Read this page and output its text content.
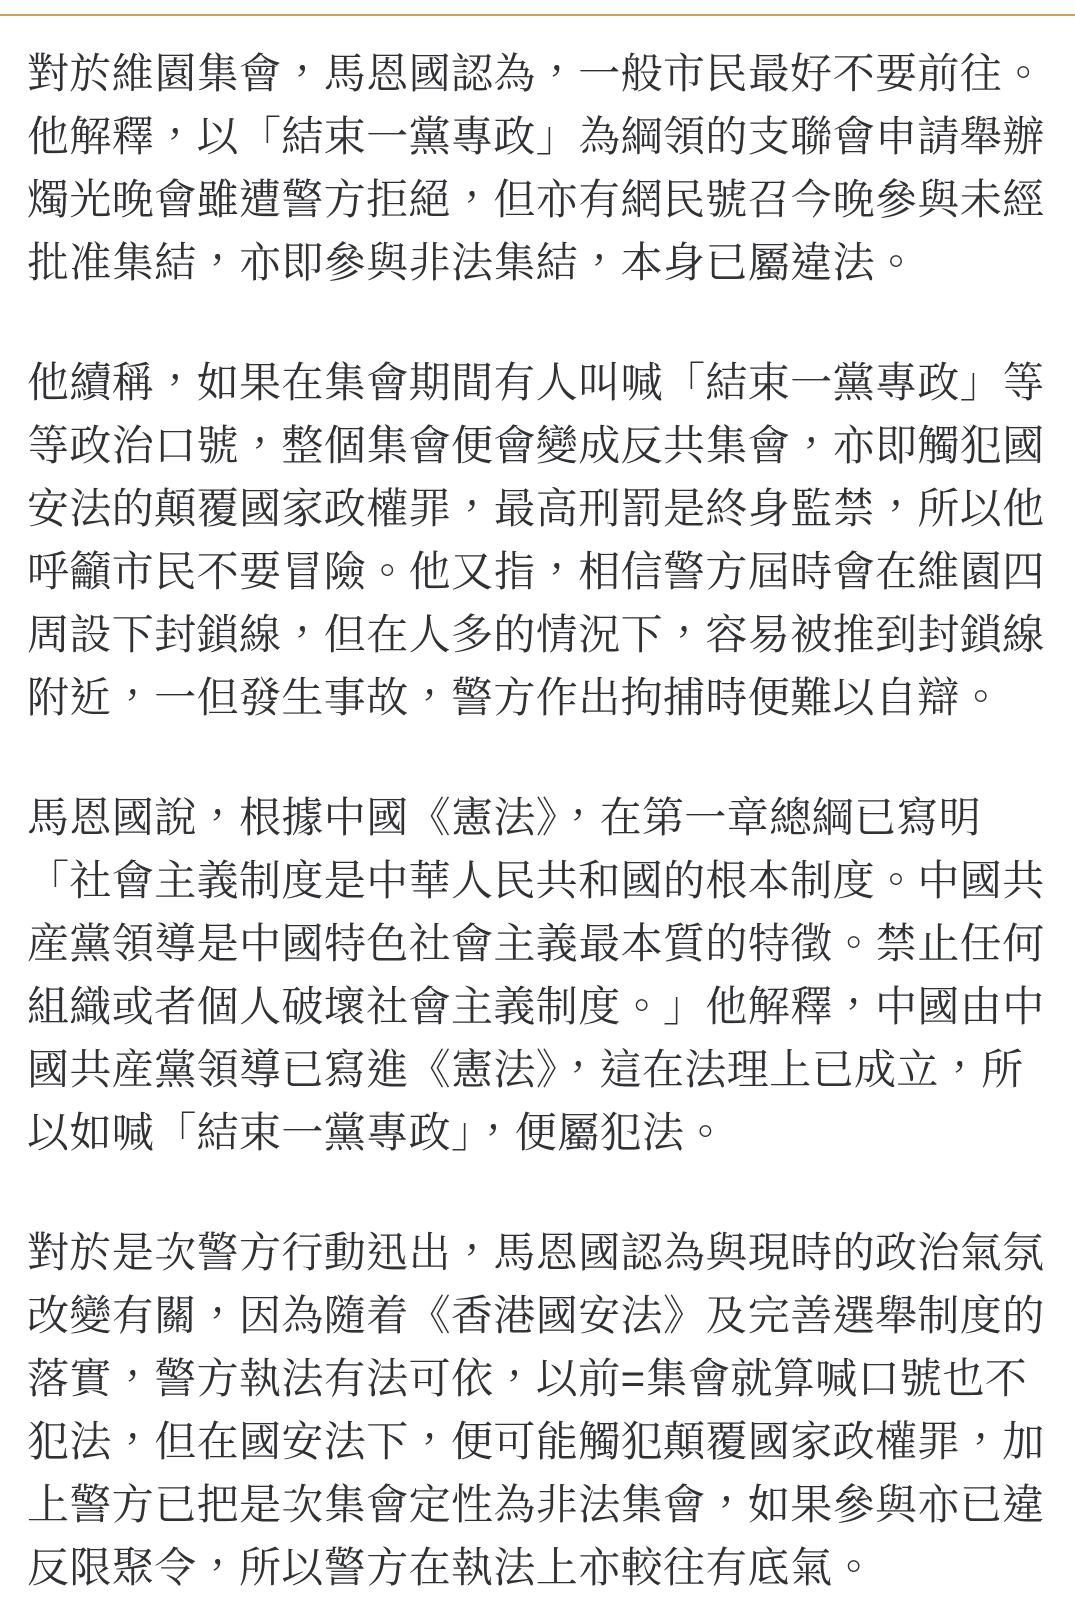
對於維園集會，馬恩國認為，一般市民最好不要前往。
他解釋，以「結束一黨專政」為綱領的支聯會申請舉辦
燭光晚會雖遭警方拒絕，但亦有網民號召今晚參與未經
批准集結，亦即參與非法集結，本身已屬違法。

他續稱，如果在集會期間有人叫喊「結束一黨專政」等
等政治口號，整個集會便會變成反共集會，亦即觸犯國
安法的顛覆國家政權罪，最高刑罰是終身監禁，所以他
呼籲市民不要冒險。他又指，相信警方屆時會在維園四
周設下封鎖線，但在人多的情況下，容易被推到封鎖線
附近，一但發生事故，警方作出拘捕時便難以自辯。

馬恩國說，根據中國《憲法》，在第一章總綱已寫明
「社會主義制度是中華人民共和國的根本制度。中國共
産黨領導是中國特色社會主義最本質的特徵。禁止任何
組織或者個人破壞社會主義制度。」他解釋，中國由中
國共産黨領導已寫進《憲法》，這在法理上已成立，所
以如喊「結束一黨專政」，便屬犯法。

對於是次警方行動迅出，馬恩國認為與現時的政治氣氛
改變有關，因為隨着《香港國安法》及完善選舉制度的
落實，警方執法有法可依，以前=集會就算喊口號也不
犯法，但在國安法下，便可能觸犯顛覆國家政權罪，加
上警方已把是次集會定性為非法集會，如果參與亦已違
反限聚令，所以警方在執法上亦較往有底氣。
